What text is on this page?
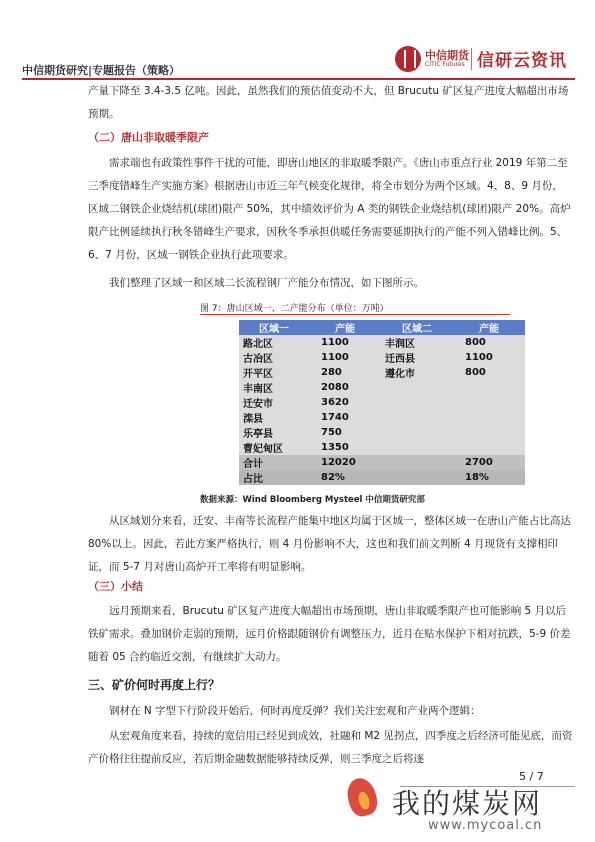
中信期货研究|专题报告（策略）
中信期货
CITIC Futures 信研云资讯
产量下降至 3.4-3.5 亿吨。因此，虽然我们的预估值变动不大，但 Brucutu 矿区复产进度大幅超出市场预期。
（二）唐山非取暖季限产
需求端也有政策性事件干扰的可能，即唐山地区的非取暖季限产。《唐山市重点行业 2019 年第二至三季度错峰生产实施方案》根据唐山市近三年气候变化规律，将全市划分为两个区域。4、8、9 月份，区域二钢铁企业烧结机(球团)限产 50%，其中绩效评价为 A 类的钢铁企业烧结机(球团)限产 20%。高炉限产比例延续执行秋冬错峰生产要求，因秋冬季承担供暖任务需要延期执行的产能不列入错峰比例。5、6、7 月份，区域一钢铁企业执行此项要求。
我们整理了区域一和区域二长流程钢厂产能分布情况，如下图所示。
图 7：唐山区域一、二产能分布（单位：万吨）
区域一	产能	区域二	产能
路北区	1100	丰润区	800
古冶区	1100	迁西县	1100
开平区	280	遵化市	800
丰南区	2080		
迁安市	3620		
滦县	1740		
乐亭县	750		
曹妃甸区	1350		
合计	12020		2700
占比	82%		18%
数据来源：Wind Bloomberg Mysteel 中信期货研究部
从区域划分来看，迁安、丰南等长流程产能集中地区均属于区域一，整体区域一在唐山产能占比高达 80%以上。因此，若此方案严格执行，则 4 月份影响不大，这也和我们前文判断 4 月现货有支撑相印证，而 5-7 月对唐山高炉开工率将有明显影响。
（三）小结
远月预期来看，Brucutu 矿区复产进度大幅超出市场预期，唐山非取暖季限产也可能影响 5 月以后铁矿需求。叠加钢价走弱的预期，远月价格跟随钢价有调整压力，近月在贴水保护下相对抗跌，5-9 价差随着 05 合约临近交割，有继续扩大动力。
三、矿价何时再度上行？
钢材在 N 字型下行阶段开始后，何时再度反弹？我们关注宏观和产业两个逻辑：
从宏观角度来看，持续的宽信用已经见到成效，社融和 M2 见拐点，四季度之后经济可能见底，而资产价格往往提前反应，若后期金融数据能够持续反弹，则三季度之后将逐
5 / 7
我的煤炭网
www.mycoal.cn
